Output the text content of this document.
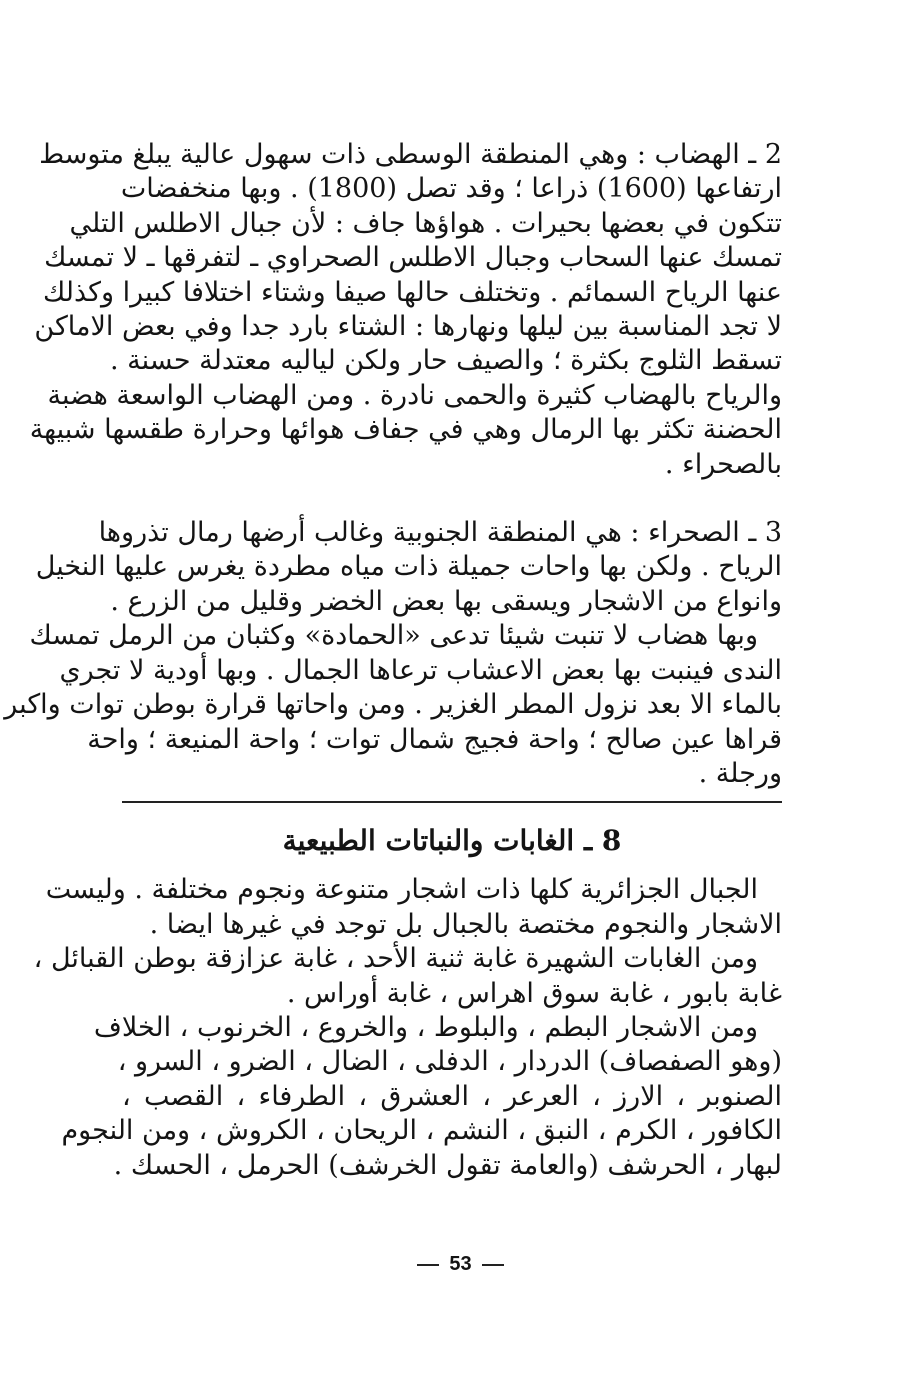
2 ـ الهضاب : وهي المنطقة الوسطى ذات سهول عالية يبلغ متوسط
ارتفاعها (1600) ذراعا ؛ وقد تصل (1800) . وبها منخفضات
تتكون في بعضها بحيرات . هواؤها جاف : لأن جبال الاطلس التلي
تمسك عنها السحاب وجبال الاطلس الصحراوي ـ لتفرقها ـ لا تمسك
عنها الرياح السمائم . وتختلف حالها صيفا وشتاء اختلافا كبيرا وكذلك
لا تجد المناسبة بين ليلها ونهارها : الشتاء بارد جدا وفي بعض الاماكن
تسقط الثلوج بكثرة ؛ والصيف حار ولكن لياليه معتدلة حسنة .
والرياح بالهضاب كثيرة والحمى نادرة . ومن الهضاب الواسعة هضبة
الحضنة تكثر بها الرمال وهي في جفاف هوائها وحرارة طقسها شبيهة
بالصحراء .
3 ـ الصحراء : هي المنطقة الجنوبية وغالب أرضها رمال تذروها
الرياح . ولكن بها واحات جميلة ذات مياه مطردة يغرس عليها النخيل
وانواع من الاشجار ويسقى بها بعض الخضر وقليل من الزرع .
وبها هضاب لا تنبت شيئا تدعى «الحمادة» وكثبان من الرمل تمسك
الندى فينبت بها بعض الاعشاب ترعاها الجمال . وبها أودية لا تجري
بالماء الا بعد نزول المطر الغزير . ومن واحاتها قرارة بوطن توات واكبر
قراها عين صالح ؛ واحة فجيج شمال توات ؛ واحة المنيعة ؛ واحة
ورجلة .
8 ـ الغابات والنباتات الطبيعية
الجبال الجزائرية كلها ذات اشجار متنوعة ونجوم مختلفة . وليست
الاشجار والنجوم مختصة بالجبال بل توجد في غيرها ايضا .
ومن الغابات الشهيرة غابة ثنية الأحد ، غابة عزازقة بوطن القبائل ،
غابة بابور ، غابة سوق اهراس ، غابة أوراس .
ومن الاشجار البطم ، والبلوط ، والخروع ، الخرنوب ، الخلاف
(وهو الصفصاف) الدردار ، الدفلى ، الضال ، الضرو ، السرو ،
الصنوبر ، الارز ، العرعر ، العشرق ، الطرفاء ، القصب ،
الكافور ، الكرم ، النبق ، النشم ، الريحان ، الكروش ، ومن النجوم
لبهار ، الحرشف (والعامة تقول الخرشف) الحرمل ، الحسك .
53
